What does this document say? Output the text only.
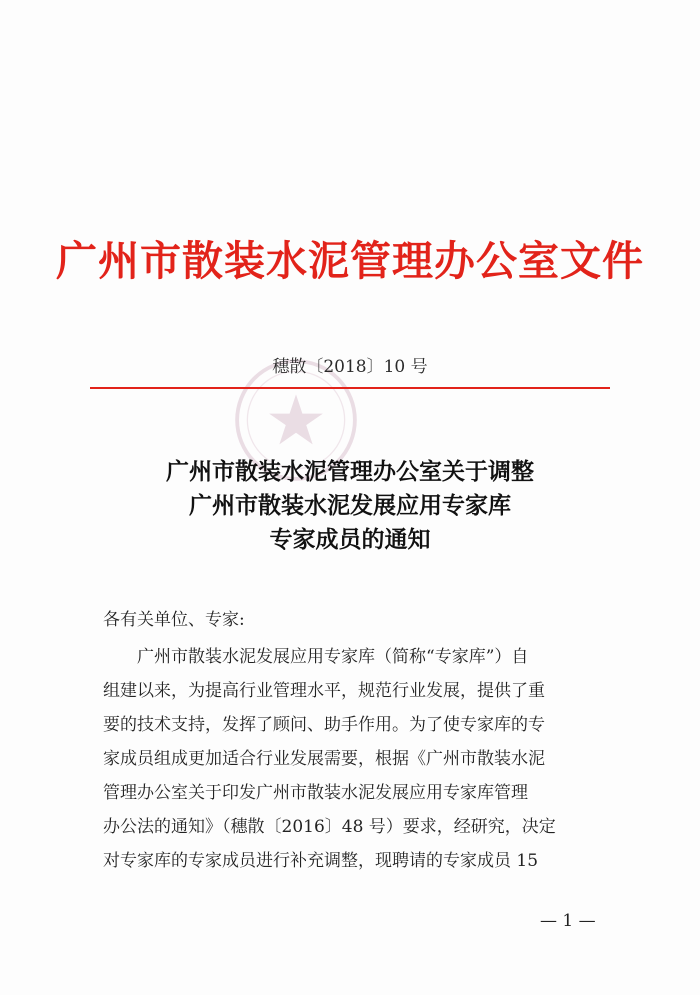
广州市散装水泥管理办公室文件
穗散〔2018〕10 号
广州市散装水泥管理办公室关于调整
广州市散装水泥发展应用专家库
专家成员的通知
各有关单位、专家:
广州市散装水泥发展应用专家库（简称“专家库”）自
组建以来，为提高行业管理水平，规范行业发展，提供了重
要的技术支持，发挥了顾问、助手作用。为了使专家库的专
家成员组成更加适合行业发展需要，根据《广州市散装水泥
管理办公室关于印发广州市散装水泥发展应用专家库管理
办公法的通知》（穗散〔2016〕48 号）要求，经研究，决定
对专家库的专家成员进行补充调整，现聘请的专家成员 15
— 1 —
